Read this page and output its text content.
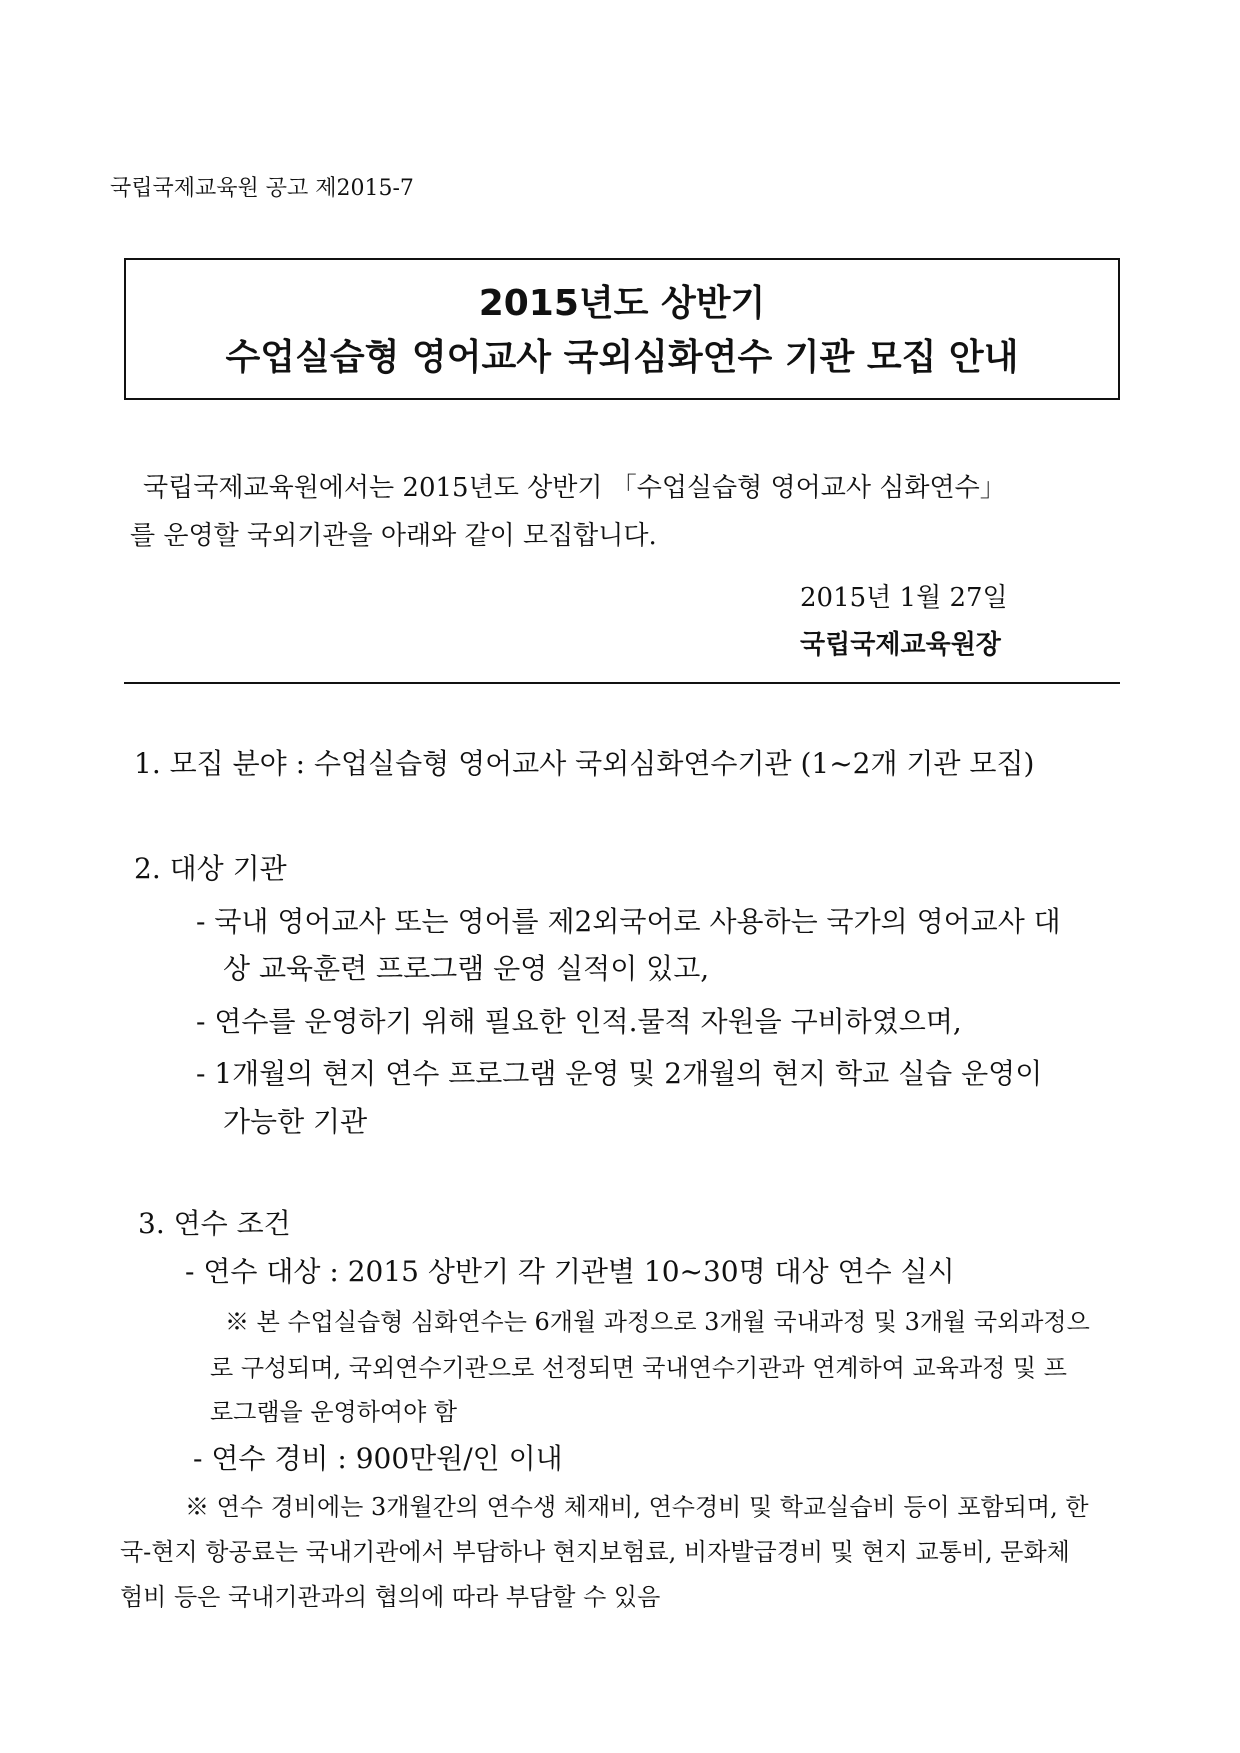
국립국제교육원 공고 제2015-7
2015년도 상반기
수업실습형 영어교사 국외심화연수 기관 모집 안내
국립국제교육원에서는 2015년도 상반기 「수업실습형 영어교사 심화연수」
를 운영할 국외기관을 아래와 같이 모집합니다.
2015년 1월 27일
국립국제교육원장
1. 모집 분야 : 수업실습형 영어교사 국외심화연수기관 (1~2개 기관 모집)
2. 대상 기관
- 국내 영어교사 또는 영어를 제2외국어로 사용하는 국가의 영어교사 대
상 교육훈련 프로그램 운영 실적이 있고,
- 연수를 운영하기 위해 필요한 인적.물적 자원을 구비하였으며,
- 1개월의 현지 연수 프로그램 운영 및 2개월의 현지 학교 실습 운영이
가능한 기관
3. 연수 조건
- 연수 대상 : 2015 상반기 각 기관별 10~30명 대상 연수 실시
※ 본 수업실습형 심화연수는 6개월 과정으로 3개월 국내과정 및 3개월 국외과정으
로 구성되며, 국외연수기관으로 선정되면 국내연수기관과 연계하여 교육과정 및 프
로그램을 운영하여야 함
- 연수 경비 : 900만원/인 이내
※ 연수 경비에는 3개월간의 연수생 체재비, 연수경비 및 학교실습비 등이 포함되며, 한
국-현지 항공료는 국내기관에서 부담하나 현지보험료, 비자발급경비 및 현지 교통비, 문화체
험비 등은 국내기관과의 협의에 따라 부담할 수 있음
